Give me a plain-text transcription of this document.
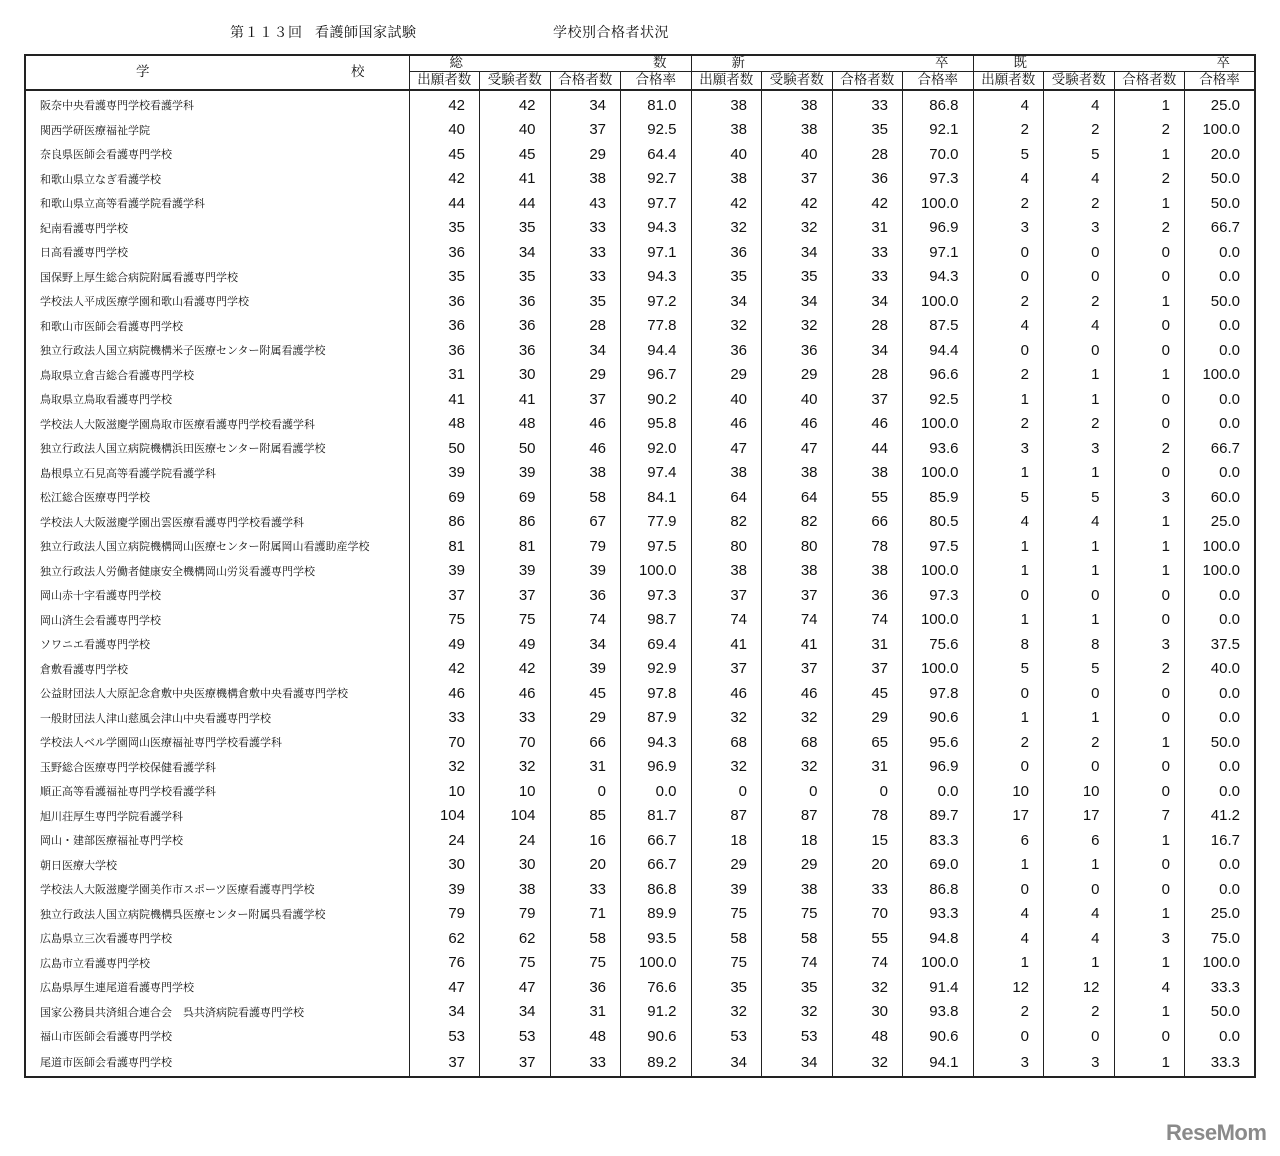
第１１３回 看護師国家試験	学校別合格者状況
学 校	総 数				新 卒				既 卒			

	出願者数	受験者数	合格者数	合格率	出願者数	受験者数	合格者数	合格率	出願者数	受験者数	合格者数	合格率
阪奈中央看護専門学校看護学科	42	42	34	81.0	38	38	33	86.8	4	4	1	25.0
関西学研医療福祉学院	40	40	37	92.5	38	38	35	92.1	2	2	2	100.0
奈良県医師会看護専門学校	45	45	29	64.4	40	40	28	70.0	5	5	1	20.0
和歌山県立なぎ看護学校	42	41	38	92.7	38	37	36	97.3	4	4	2	50.0
和歌山県立高等看護学院看護学科	44	44	43	97.7	42	42	42	100.0	2	2	1	50.0
紀南看護専門学校	35	35	33	94.3	32	32	31	96.9	3	3	2	66.7
日高看護専門学校	36	34	33	97.1	36	34	33	97.1	0	0	0	0.0
国保野上厚生総合病院附属看護専門学校	35	35	33	94.3	35	35	33	94.3	0	0	0	0.0
学校法人平成医療学園和歌山看護専門学校	36	36	35	97.2	34	34	34	100.0	2	2	1	50.0
和歌山市医師会看護専門学校	36	36	28	77.8	32	32	28	87.5	4	4	0	0.0
独立行政法人国立病院機構米子医療センター附属看護学校	36	36	34	94.4	36	36	34	94.4	0	0	0	0.0
鳥取県立倉吉総合看護専門学校	31	30	29	96.7	29	29	28	96.6	2	1	1	100.0
鳥取県立鳥取看護専門学校	41	41	37	90.2	40	40	37	92.5	1	1	0	0.0
学校法人大阪滋慶学園鳥取市医療看護専門学校看護学科	48	48	46	95.8	46	46	46	100.0	2	2	0	0.0
独立行政法人国立病院機構浜田医療センター附属看護学校	50	50	46	92.0	47	47	44	93.6	3	3	2	66.7
島根県立石見高等看護学院看護学科	39	39	38	97.4	38	38	38	100.0	1	1	0	0.0
松江総合医療専門学校	69	69	58	84.1	64	64	55	85.9	5	5	3	60.0
学校法人大阪滋慶学園出雲医療看護専門学校看護学科	86	86	67	77.9	82	82	66	80.5	4	4	1	25.0
独立行政法人国立病院機構岡山医療センター附属岡山看護助産学校	81	81	79	97.5	80	80	78	97.5	1	1	1	100.0
独立行政法人労働者健康安全機構岡山労災看護専門学校	39	39	39	100.0	38	38	38	100.0	1	1	1	100.0
岡山赤十字看護専門学校	37	37	36	97.3	37	37	36	97.3	0	0	0	0.0
岡山済生会看護専門学校	75	75	74	98.7	74	74	74	100.0	1	1	0	0.0
ソワニエ看護専門学校	49	49	34	69.4	41	41	31	75.6	8	8	3	37.5
倉敷看護専門学校	42	42	39	92.9	37	37	37	100.0	5	5	2	40.0
公益財団法人大原記念倉敷中央医療機構倉敷中央看護専門学校	46	46	45	97.8	46	46	45	97.8	0	0	0	0.0
一般財団法人津山慈風会津山中央看護専門学校	33	33	29	87.9	32	32	29	90.6	1	1	0	0.0
学校法人ベル学園岡山医療福祉専門学校看護学科	70	70	66	94.3	68	68	65	95.6	2	2	1	50.0
玉野総合医療専門学校保健看護学科	32	32	31	96.9	32	32	31	96.9	0	0	0	0.0
順正高等看護福祉専門学校看護学科	10	10	0	0.0	0	0	0	0.0	10	10	0	0.0
旭川荘厚生専門学院看護学科	104	104	85	81.7	87	87	78	89.7	17	17	7	41.2
岡山・建部医療福祉専門学校	24	24	16	66.7	18	18	15	83.3	6	6	1	16.7
朝日医療大学校	30	30	20	66.7	29	29	20	69.0	1	1	0	0.0
学校法人大阪滋慶学園美作市スポーツ医療看護専門学校	39	38	33	86.8	39	38	33	86.8	0	0	0	0.0
独立行政法人国立病院機構呉医療センター附属呉看護学校	79	79	71	89.9	75	75	70	93.3	4	4	1	25.0
広島県立三次看護専門学校	62	62	58	93.5	58	58	55	94.8	4	4	3	75.0
広島市立看護専門学校	76	75	75	100.0	75	74	74	100.0	1	1	1	100.0
広島県厚生連尾道看護専門学校	47	47	36	76.6	35	35	32	91.4	12	12	4	33.3
国家公務員共済組合連合会　呉共済病院看護専門学校	34	34	31	91.2	32	32	30	93.8	2	2	1	50.0
福山市医師会看護専門学校	53	53	48	90.6	53	53	48	90.6	0	0	0	0.0
尾道市医師会看護専門学校	37	37	33	89.2	34	34	32	94.1	3	3	1	33.3
ReseMom
